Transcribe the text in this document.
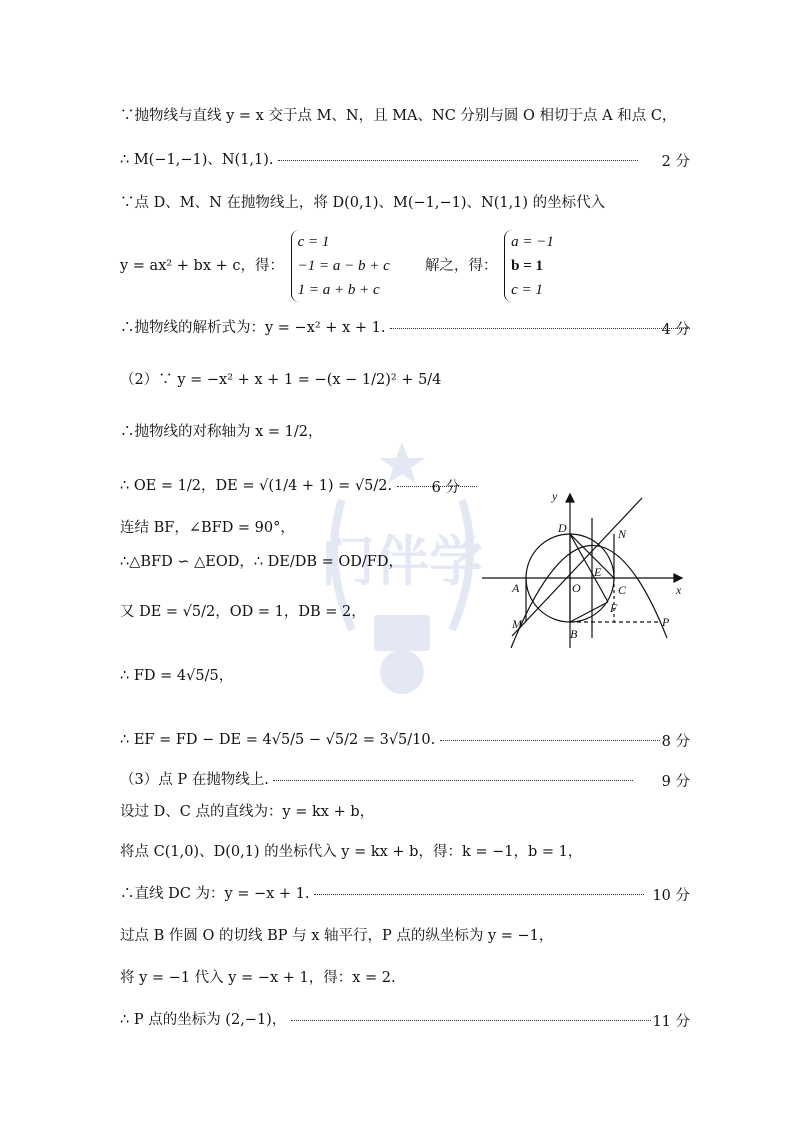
门伴学
∵抛物线与直线 y = x 交于点 M、N，且 MA、NC 分别与圆 O 相切于点 A 和点 C，
∴ M(−1,−1)、N(1,1).	2 分
∵点 D、M、N 在抛物线上，将 D(0,1)、M(−1,−1)、N(1,1) 的坐标代入
y = ax² + bx + c，得：
c = 1
−1 = a − b + c
1 = a + b + c
解之，得：
a = −1
b = 1
c = 1
∴抛物线的解析式为：y = −x² + x + 1.	4 分
（2）∵ y = −x² + x + 1 = −(x − 1/2)² + 5/4
∴抛物线的对称轴为 x = 1/2，
∴ OE = 1/2，DE = √(1/4 + 1) = √5/2.	6 分
连结 BF，∠BFD = 90°，
∴△BFD ∽ △EOD，∴ DE/DB = OD/FD，
又 DE = √5/2，OD = 1，DB = 2，
∴ FD = 4√5/5，
∴ EF = FD − DE = 4√5/5 − √5/2 = 3√5/10.	8 分
（3）点 P 在抛物线上.	9 分
设过 D、C 点的直线为：y = kx + b，
将点 C(1,0)、D(0,1) 的坐标代入 y = kx + b，得：k = −1，b = 1，
∴直线 DC 为：y = −x + 1.	10 分
过点 B 作圆 O 的切线 BP 与 x 轴平行，P 点的纵坐标为 y = −1，
将 y = −1 代入 y = −x + 1，得：x = 2.
∴ P 点的坐标为 (2,−1)，	11 分
y
x
D	N
E
A	O	C
F
M
B
P
